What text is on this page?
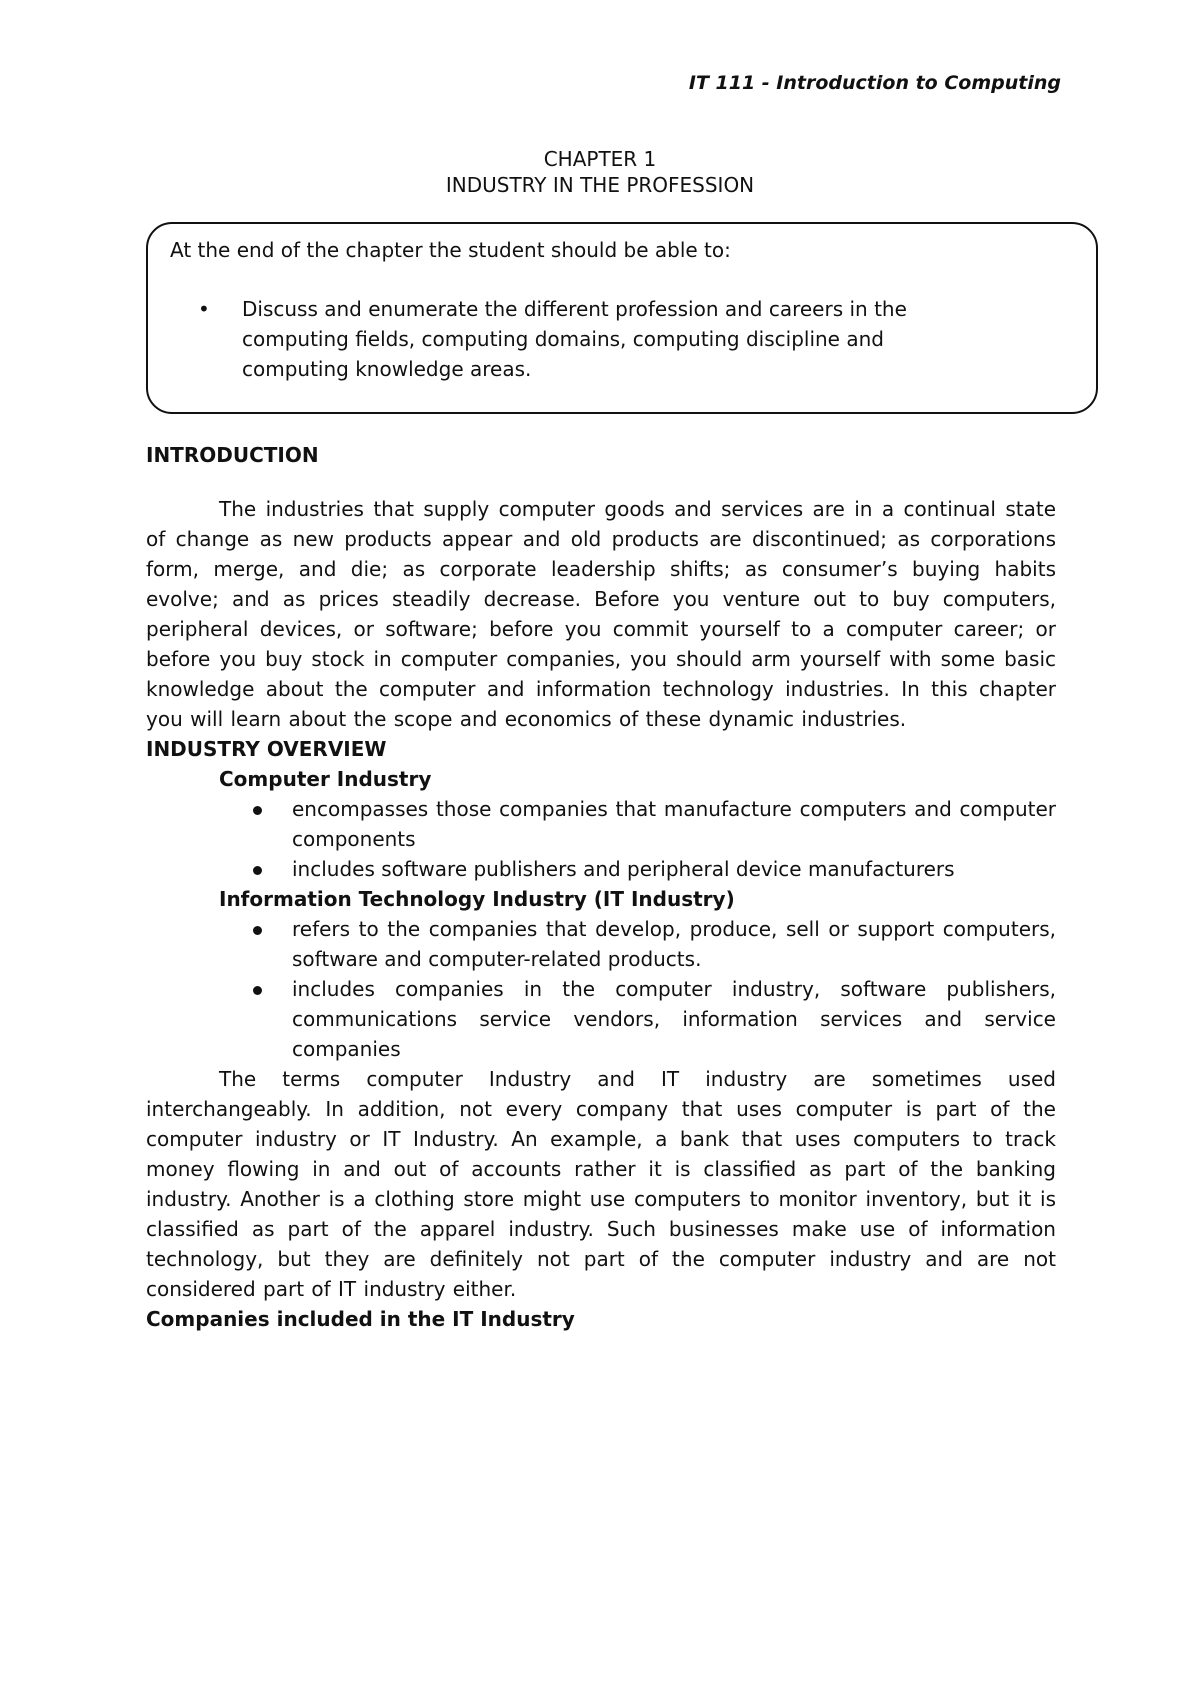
IT 111 - Introduction to Computing
CHAPTER 1
INDUSTRY IN THE PROFESSION
At the end of the chapter the student should be able to:
• Discuss and enumerate the different profession and careers in the computing fields, computing domains, computing discipline and computing knowledge areas.
INTRODUCTION

The industries that supply computer goods and services are in a continual state of change as new products appear and old products are discontinued; as corporations form, merge, and die; as corporate leadership shifts; as consumer’s buying habits evolve; and as prices steadily decrease. Before you venture out to buy computers, peripheral devices, or software; before you commit yourself to a computer career; or before you buy stock in computer companies, you should arm yourself with some basic knowledge about the computer and information technology industries. In this chapter you will learn about the scope and economics of these dynamic industries.

INDUSTRY OVERVIEW
Computer Industry
encompasses those companies that manufacture computers and computer components
includes software publishers and peripheral device manufacturers
Information Technology Industry (IT Industry)
refers to the companies that develop, produce, sell or support computers, software and computer-related products.
includes companies in the computer industry, software publishers, communications service vendors, information services and service companies

The terms computer Industry and IT industry are sometimes used interchangeably. In addition, not every company that uses computer is part of the computer industry or IT Industry. An example, a bank that uses computers to track money flowing in and out of accounts rather it is classified as part of the banking industry. Another is a clothing store might use computers to monitor inventory, but it is classified as part of the apparel industry. Such businesses make use of information technology, but they are definitely not part of the computer industry and are not considered part of IT industry either.

Companies included in the IT Industry
